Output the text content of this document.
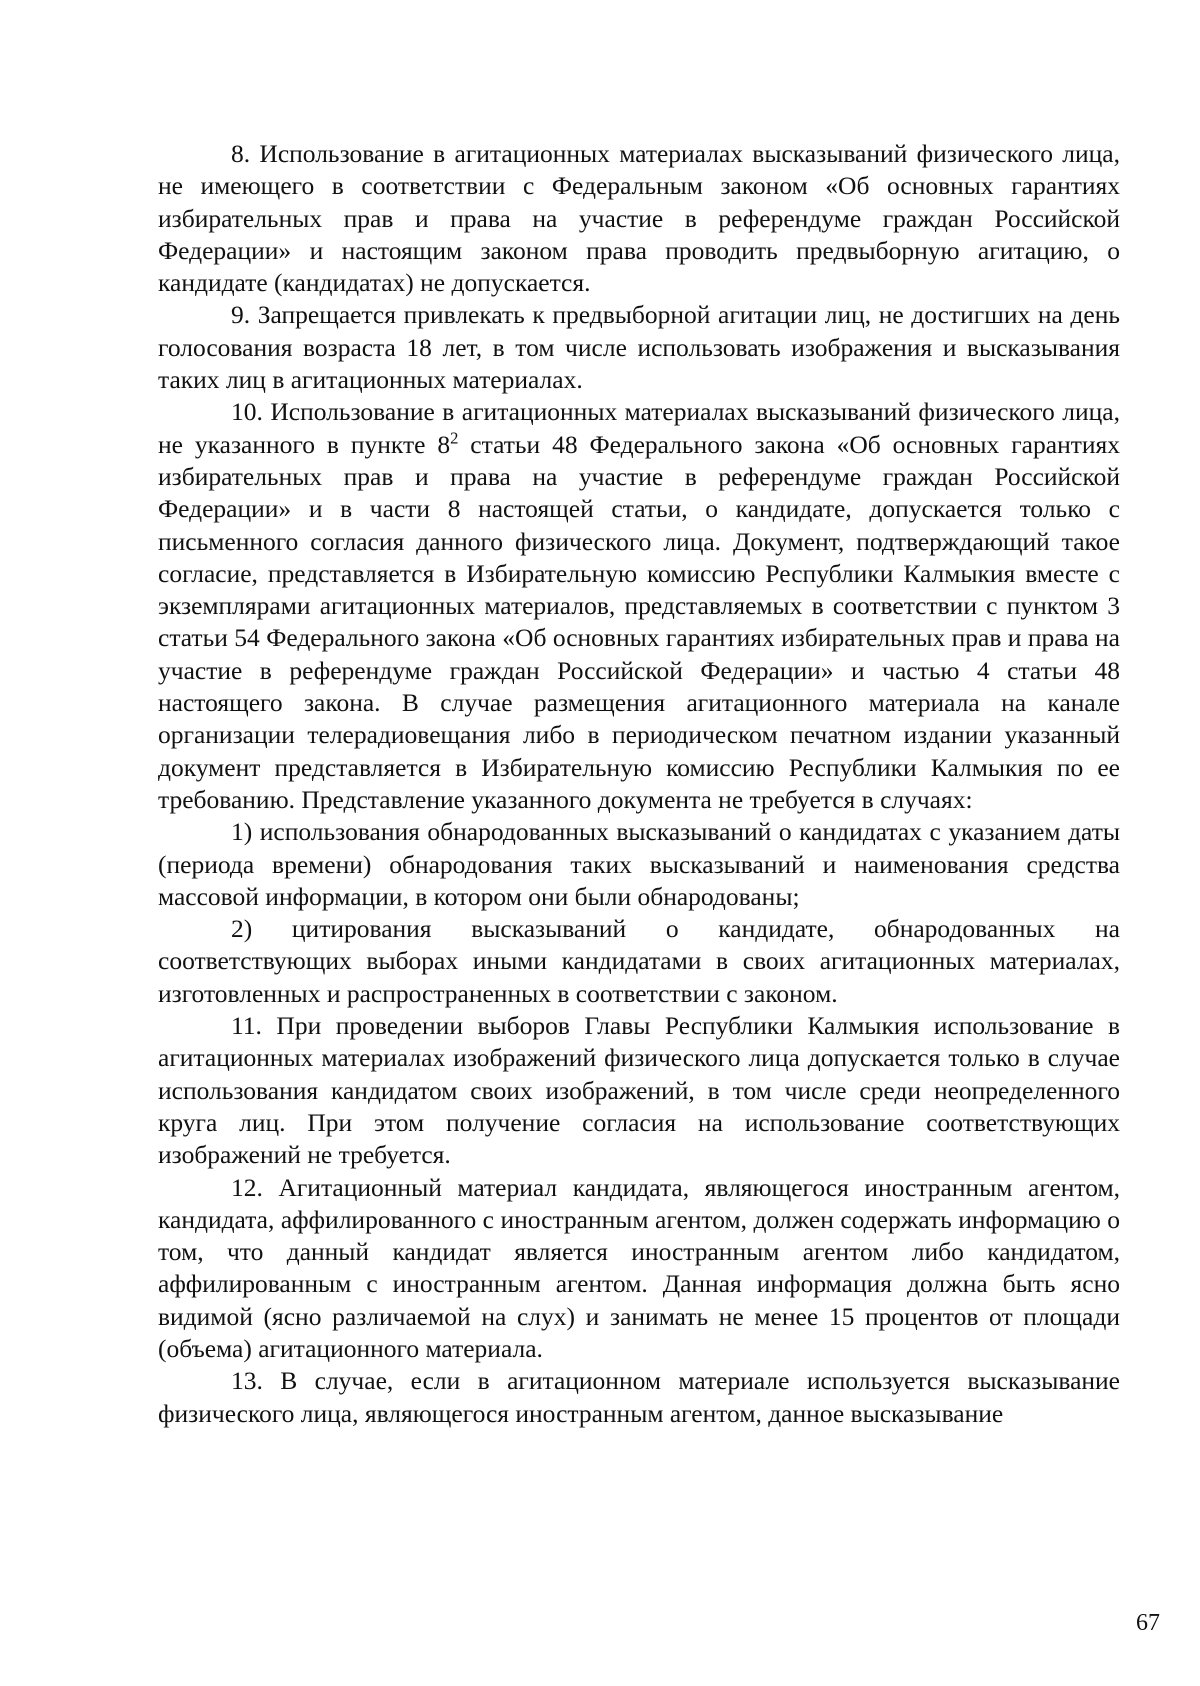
8. Использование в агитационных материалах высказываний физического лица, не имеющего в соответствии с Федеральным законом «Об основных гарантиях избирательных прав и права на участие в референдуме граждан Российской Федерации» и настоящим законом права проводить предвыборную агитацию, о кандидате (кандидатах) не допускается.

9. Запрещается привлекать к предвыборной агитации лиц, не достигших на день голосования возраста 18 лет, в том числе использовать изображения и высказывания таких лиц в агитационных материалах.

10. Использование в агитационных материалах высказываний физического лица, не указанного в пункте $8^2$ статьи 48 Федерального закона «Об основных гарантиях избирательных прав и права на участие в референдуме граждан Российской Федерации» и в части 8 настоящей статьи, о кандидате, допускается только с письменного согласия данного физического лица. Документ, подтверждающий такое согласие, представляется в Избирательную комиссию Республики Калмыкия вместе с экземплярами агитационных материалов, представляемых в соответствии с пунктом 3 статьи 54 Федерального закона «Об основных гарантиях избирательных прав и права на участие в референдуме граждан Российской Федерации» и частью 4 статьи 48 настоящего закона. В случае размещения агитационного материала на канале организации телерадиовещания либо в периодическом печатном издании указанный документ представляется в Избирательную комиссию Республики Калмыкия по ее требованию. Представление указанного документа не требуется в случаях:

1) использования обнародованных высказываний о кандидатах с указанием даты (периода времени) обнародования таких высказываний и наименования средства массовой информации, в котором они были обнародованы;

2) цитирования высказываний о кандидате, обнародованных на соответствующих выборах иными кандидатами в своих агитационных материалах, изготовленных и распространенных в соответствии с законом.

11. При проведении выборов Главы Республики Калмыкия использование в агитационных материалах изображений физического лица допускается только в случае использования кандидатом своих изображений, в том числе среди неопределенного круга лиц. При этом получение согласия на использование соответствующих изображений не требуется.

12. Агитационный материал кандидата, являющегося иностранным агентом, кандидата, аффилированного с иностранным агентом, должен содержать информацию о том, что данный кандидат является иностранным агентом либо кандидатом, аффилированным с иностранным агентом. Данная информация должна быть ясно видимой (ясно различаемой на слух) и занимать не менее 15 процентов от площади (объема) агитационного материала.

13. В случае, если в агитационном материале используется высказывание физического лица, являющегося иностранным агентом, данное высказывание

67
